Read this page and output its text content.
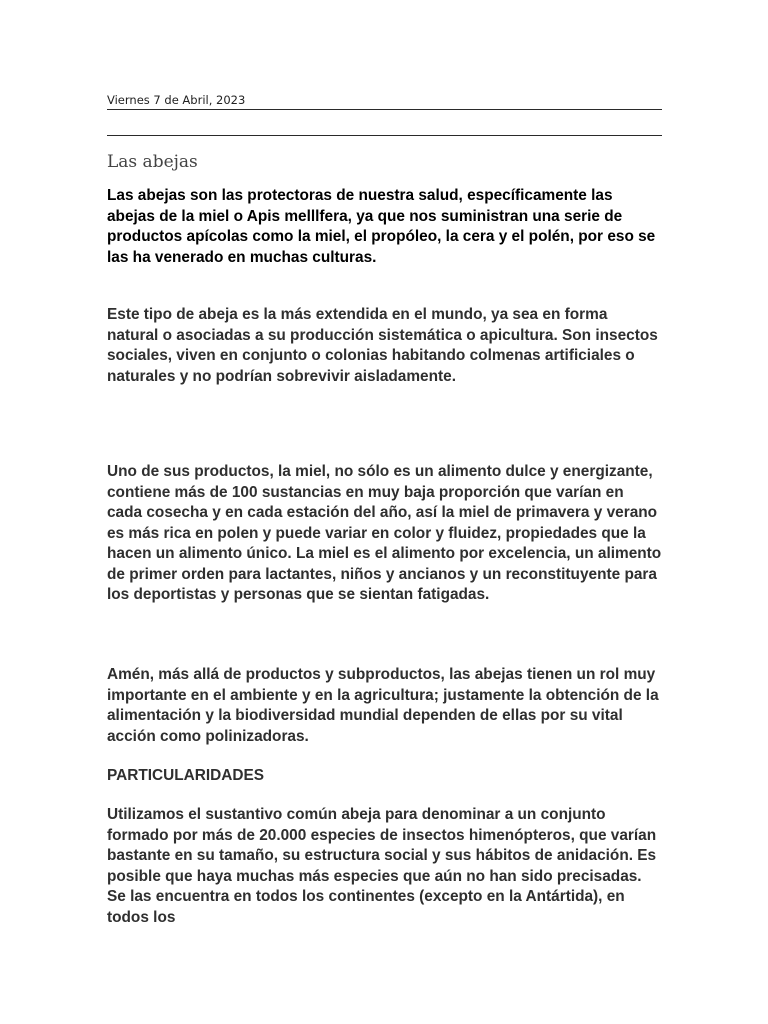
Viernes 7 de Abril, 2023
Las abejas

Las abejas son las protectoras de nuestra salud, específicamente las abejas de la miel o Apis melllfera, ya que nos suministran una serie de productos apícolas como la miel, el propóleo, la cera y el polén, por eso se las ha venerado en muchas culturas.

Este tipo de abeja es la más extendida en el mundo, ya sea en forma natural o asociadas a su producción sistemática o apicultura. Son insectos sociales, viven en conjunto o colonias habitando colmenas artificiales o naturales y no podrían sobrevivir aisladamente.

Uno de sus productos, la miel, no sólo es un alimento dulce y energizante, contiene más de 100 sustancias en muy baja proporción que varían en cada cosecha y en cada estación del año, así la miel de primavera y verano es más rica en polen y puede variar en color y fluidez, propiedades que la hacen un alimento único. La miel es el alimento por excelencia, un alimento de primer orden para lactantes, niños y ancianos y un reconstituyente para los deportistas y personas que se sientan fatigadas.

Amén, más allá de productos y subproductos, las abejas tienen un rol muy importante en el ambiente y en la agricultura; justamente la obtención de la alimentación y la biodiversidad mundial dependen de ellas por su vital acción como polinizadoras.

PARTICULARIDADES

Utilizamos el sustantivo común abeja para denominar a un conjunto formado por más de 20.000 especies de insectos himenópteros, que varían bastante en su tamaño, su estructura social y sus hábitos de anidación. Es posible que haya muchas más especies que aún no han sido precisadas. Se las encuentra en todos los continentes (excepto en la Antártida), en todos los
